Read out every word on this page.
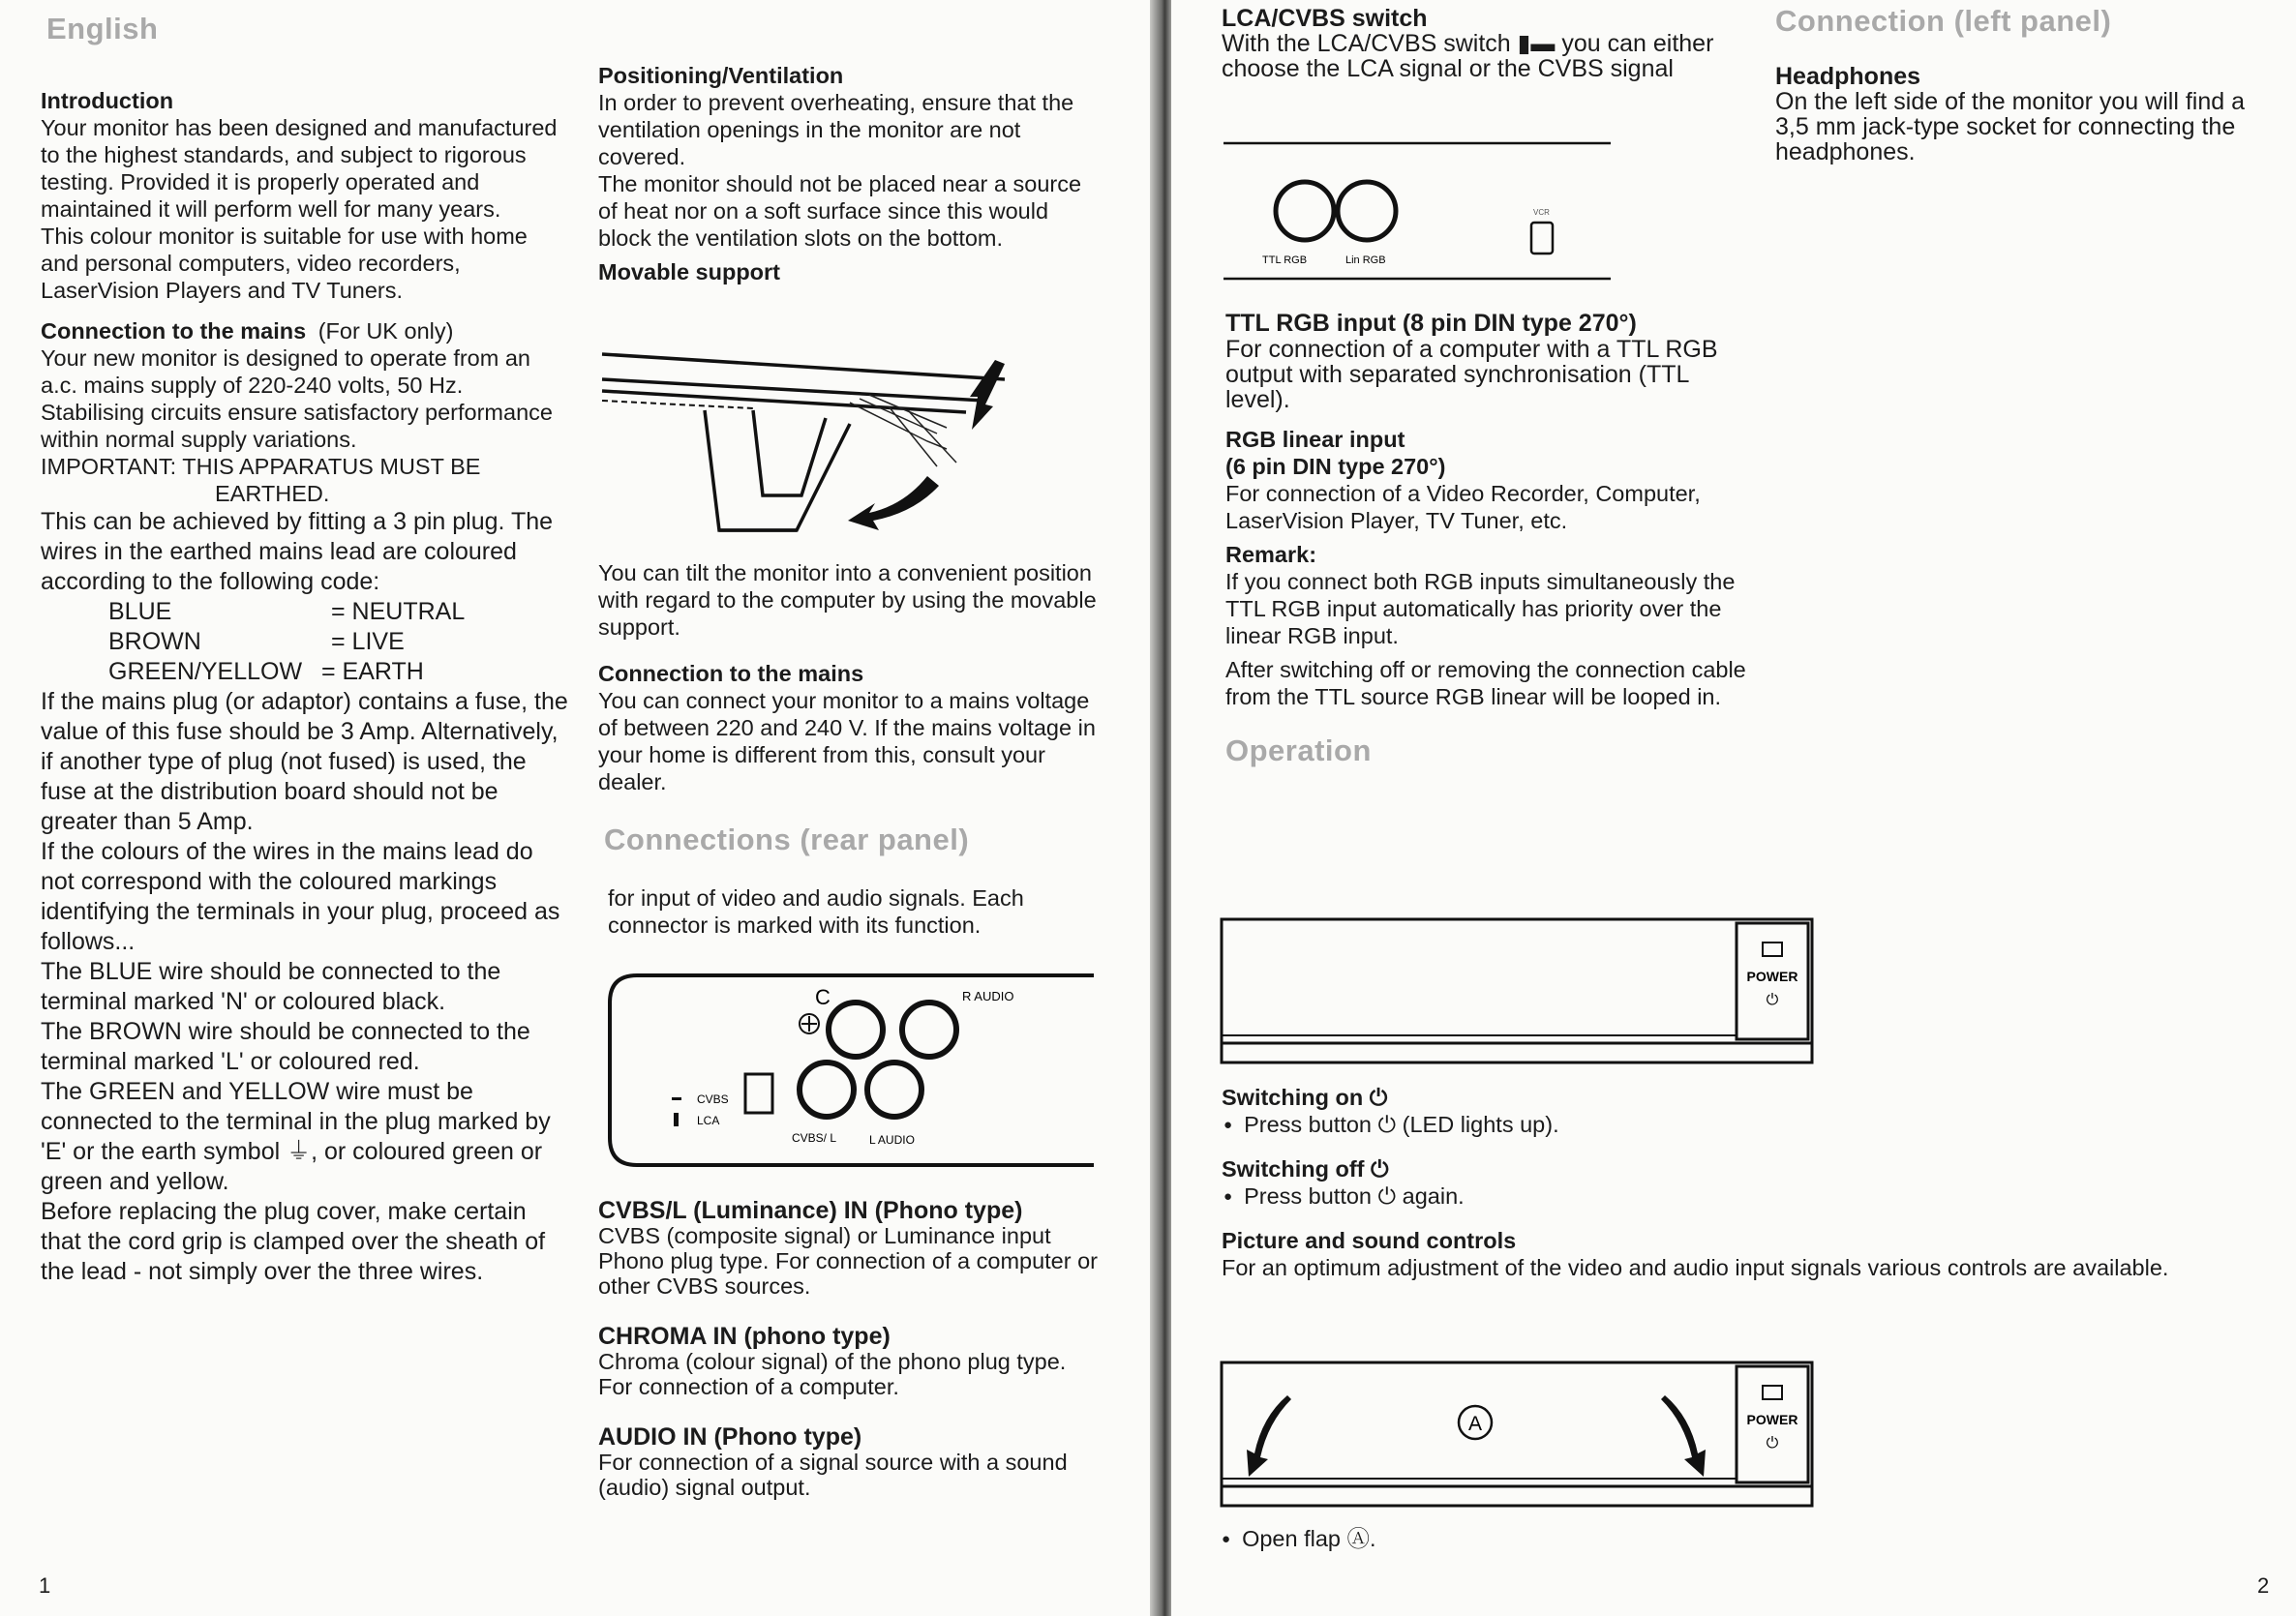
English

Introduction

Your monitor has been designed and manufactured to the highest standards, and subject to rigorous testing. Provided it is properly operated and maintained it will perform well for many years.

This colour monitor is suitable for use with home and personal computers, video recorders, LaserVision Players and TV Tuners.

Connection to the mains (For UK only)

Your new monitor is designed to operate from an a.c. mains supply of 220-240 volts, 50 Hz. Stabilising circuits ensure satisfactory performance within normal supply variations.

IMPORTANT: THIS APPARATUS MUST BE

EARTHED.

This can be achieved by fitting a 3 pin plug. The wires in the earthed mains lead are coloured according to the following code:

BLUE	= NEUTRAL
BROWN	= LIVE
GREEN/YELLOW = EARTH

If the mains plug (or adaptor) contains a fuse, the value of this fuse should be 3 Amp. Alternatively, if another type of plug (not fused) is used, the fuse at the distribution board should not be greater than 5 Amp.

If the colours of the wires in the mains lead do not correspond with the coloured markings identifying the terminals in your plug, proceed as follows...

The BLUE wire should be connected to the terminal marked 'N' or coloured black.

The BROWN wire should be connected to the terminal marked 'L' or coloured red.

The GREEN and YELLOW wire must be connected to the terminal in the plug marked by 'E' or the earth symbol ⏚, or coloured green or green and yellow.

Before replacing the plug cover, make certain that the cord grip is clamped over the sheath of the lead - not simply over the three wires.

1

Positioning/Ventilation

In order to prevent overheating, ensure that the ventilation openings in the monitor are not covered.

The monitor should not be placed near a source of heat nor on a soft surface since this would block the ventilation slots on the bottom.

Movable support

You can tilt the monitor into a convenient position with regard to the computer by using the movable support.

Connection to the mains

You can connect your monitor to a mains voltage of between 220 and 240 V. If the mains voltage in your home is different from this, consult your dealer.

Connections (rear panel)

for input of video and audio signals. Each connector is marked with its function.

C	R AUDIO
CVBS
LCA
CVBS/ L	L AUDIO

CVBS/L (Luminance) IN (Phono type)

CVBS (composite signal) or Luminance input Phono plug type. For connection of a computer or other CVBS sources.

CHROMA IN (phono type)

Chroma (colour signal) of the phono plug type. For connection of a computer.

AUDIO IN (Phono type)

For connection of a signal source with a sound (audio) signal output.

LCA/CVBS switch

With the LCA/CVBS switch ▮▬ you can either choose the LCA signal or the CVBS signal

TTL RGB	Lin RGB
VCR

TTL RGB input (8 pin DIN type 270°)

For connection of a computer with a TTL RGB output with separated synchronisation (TTL level).

RGB linear input

(6 pin DIN type 270°)

For connection of a Video Recorder, Computer, LaserVision Player, TV Tuner, etc.

Remark:

If you connect both RGB inputs simultaneously the TTL RGB input automatically has priority over the linear RGB input.

After switching off or removing the connection cable from the TTL source RGB linear will be looped in.

Operation

POWER
⏻

Switching on ⏻

● Press button ⏻ (LED lights up).

Switching off ⏻

● Press button ⏻ again.

Picture and sound controls

For an optimum adjustment of the video and audio input signals various controls are available.

POWER
⏻
A

● Open flap Ⓐ.

2

Connection (left panel)

Headphones

On the left side of the monitor you will find a 3,5 mm jack-type socket for connecting the headphones.
